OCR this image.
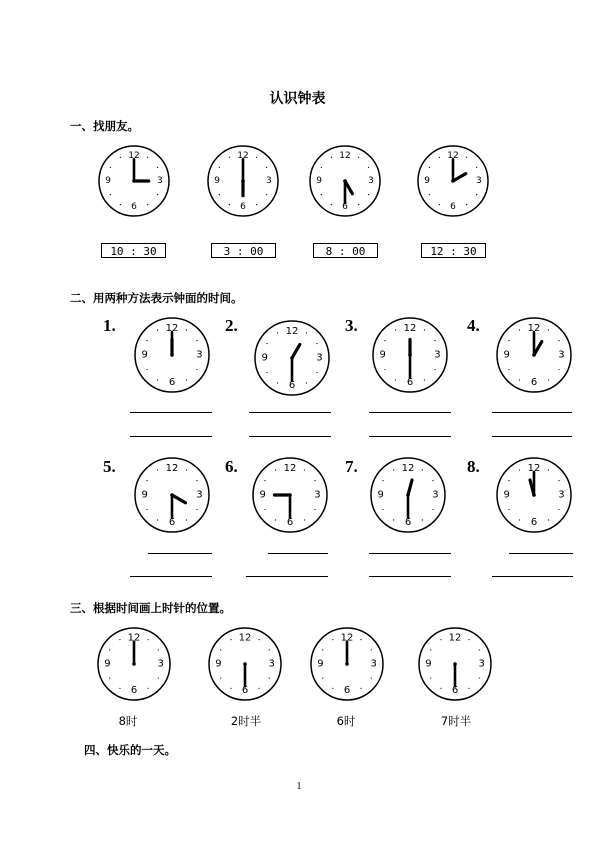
认识钟表
一、找朋友。
12
3
6
9
12
3
6
9
12
3
6
9
12
3
6
9
10 : 30	3 : 00	8 : 00	12 : 30
二、用两种方法表示钟面的时间。
1.	2.	3.	4.
5.	6.	7.	8.
12
3
6
9
12
3
6
9
12
3
6
9
12
3
6
9
12
3
6
9
12
3
6
9
12
3
6
9
12
3
6
9
三、根据时间画上时针的位置。
12
3
6
9
12
3
6
9
12
3
6
9
12
3
6
9
8时	2时半	6时	7时半
四、快乐的一天。
1
